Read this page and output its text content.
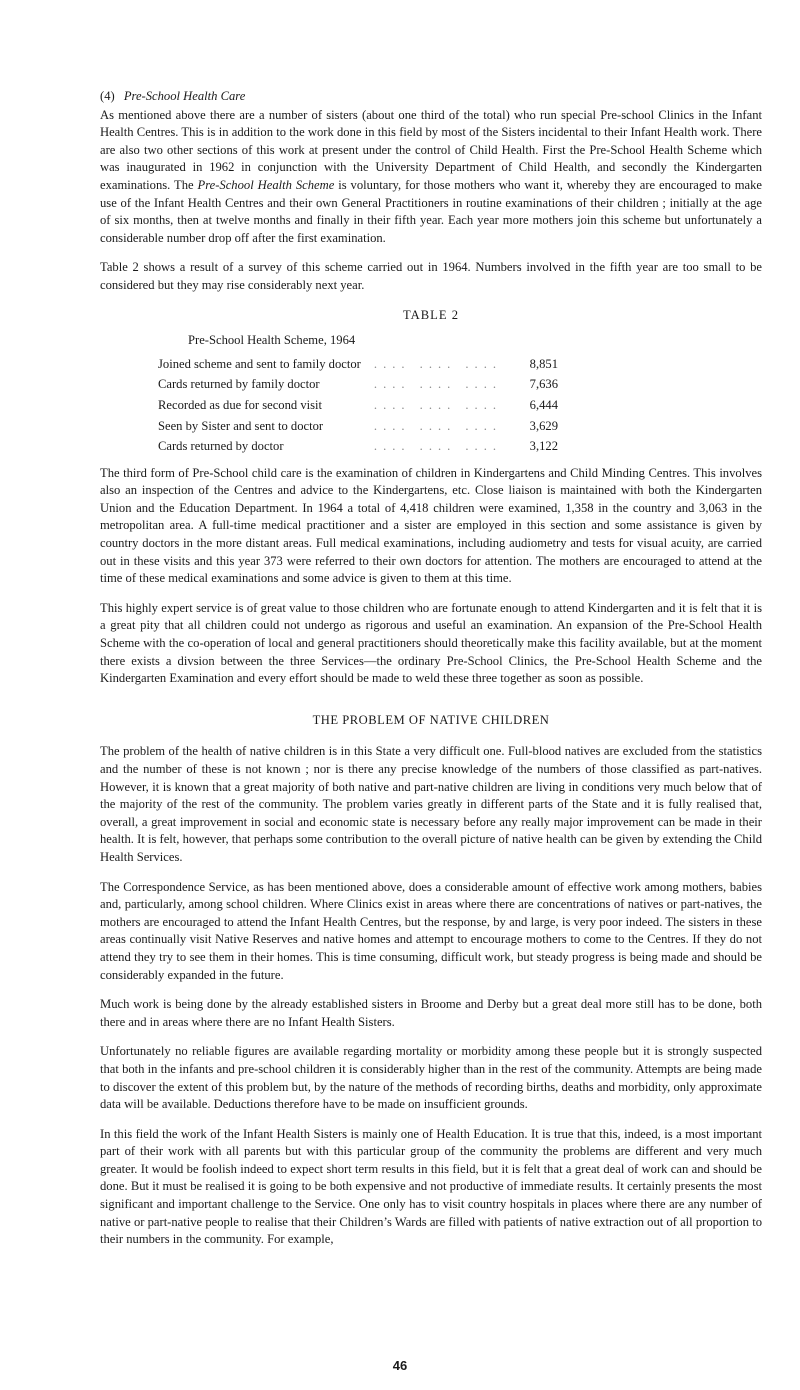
(4) Pre-School Health Care

As mentioned above there are a number of sisters (about one third of the total) who run special Pre-school Clinics in the Infant Health Centres. This is in addition to the work done in this field by most of the Sisters incidental to their Infant Health work. There are also two other sections of this work at present under the control of Child Health. First the Pre-School Health Scheme which was inaugurated in 1962 in conjunction with the University Department of Child Health, and secondly the Kindergarten examinations. The Pre-School Health Scheme is voluntary, for those mothers who want it, whereby they are encouraged to make use of the Infant Health Centres and their own General Practitioners in routine examinations of their children ; initially at the age of six months, then at twelve months and finally in their fifth year. Each year more mothers join this scheme but unfortunately a considerable number drop off after the first examination.

Table 2 shows a result of a survey of this scheme carried out in 1964. Numbers involved in the fifth year are too small to be considered but they may rise considerably next year.

TABLE 2
Pre-School Health Scheme, 1964
Joined scheme and sent to family doctor .... .... ....	8,851
Cards returned by family doctor	.... .... ....	7,636
Recorded as due for second visit	.... .... ....	6,444
Seen by Sister and sent to doctor	.... .... ....	3,629
Cards returned by doctor	.... .... ....	3,122

The third form of Pre-School child care is the examination of children in Kindergartens and Child Minding Centres. This involves also an inspection of the Centres and advice to the Kindergartens, etc. Close liaison is maintained with both the Kindergarten Union and the Education Department. In 1964 a total of 4,418 children were examined, 1,358 in the country and 3,063 in the metropolitan area. A full-time medical practitioner and a sister are employed in this section and some assistance is given by country doctors in the more distant areas. Full medical examinations, including audiometry and tests for visual acuity, are carried out in these visits and this year 373 were referred to their own doctors for attention. The mothers are encouraged to attend at the time of these medical examinations and some advice is given to them at this time.

This highly expert service is of great value to those children who are fortunate enough to attend Kindergarten and it is felt that it is a great pity that all children could not undergo as rigorous and useful an examination. An expansion of the Pre-School Health Scheme with the co-operation of local and general practitioners should theoretically make this facility available, but at the moment there exists a divsion between the three Services—the ordinary Pre-School Clinics, the Pre-School Health Scheme and the Kindergarten Examination and every effort should be made to weld these three together as soon as possible.

THE PROBLEM OF NATIVE CHILDREN

The problem of the health of native children is in this State a very difficult one. Full-blood natives are excluded from the statistics and the number of these is not known ; nor is there any precise knowledge of the numbers of those classified as part-natives. However, it is known that a great majority of both native and part-native children are living in conditions very much below that of the majority of the rest of the community. The problem varies greatly in different parts of the State and it is fully realised that, overall, a great improvement in social and economic state is necessary before any really major improvement can be made in their health. It is felt, however, that perhaps some contribution to the overall picture of native health can be given by extending the Child Health Services.

The Correspondence Service, as has been mentioned above, does a considerable amount of effective work among mothers, babies and, particularly, among school children. Where Clinics exist in areas where there are concentrations of natives or part-natives, the mothers are encouraged to attend the Infant Health Centres, but the response, by and large, is very poor indeed. The sisters in these areas continually visit Native Reserves and native homes and attempt to encourage mothers to come to the Centres. If they do not attend they try to see them in their homes. This is time consuming, difficult work, but steady progress is being made and should be considerably expanded in the future.

Much work is being done by the already established sisters in Broome and Derby but a great deal more still has to be done, both there and in areas where there are no Infant Health Sisters.

Unfortunately no reliable figures are available regarding mortality or morbidity among these people but it is strongly suspected that both in the infants and pre-school children it is considerably higher than in the rest of the community. Attempts are being made to discover the extent of this problem but, by the nature of the methods of recording births, deaths and morbidity, only approximate data will be available. Deductions therefore have to be made on insufficient grounds.

In this field the work of the Infant Health Sisters is mainly one of Health Education. It is true that this, indeed, is a most important part of their work with all parents but with this particular group of the community the problems are different and very much greater. It would be foolish indeed to expect short term results in this field, but it is felt that a great deal of work can and should be done. But it must be realised it is going to be both expensive and not productive of immediate results. It certainly presents the most significant and important challenge to the Service. One only has to visit country hospitals in places where there are any number of native or part-native people to realise that their Children’s Wards are filled with patients of native extraction out of all proportion to their numbers in the community. For example,

46
